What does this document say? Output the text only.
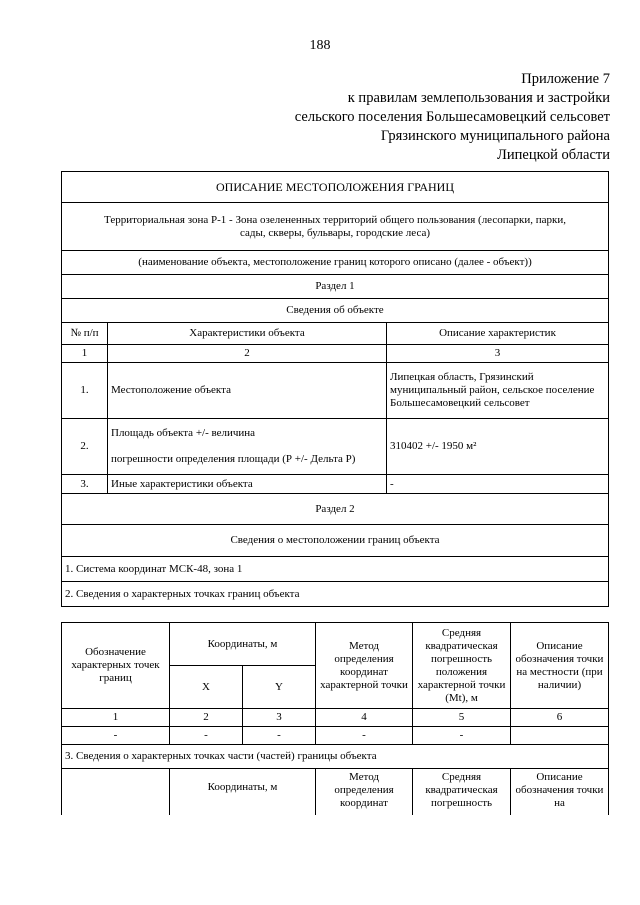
188
Приложение 7
к правилам землепользования и застройки
сельского поселения Большесамовецкий сельсовет
Грязинского муниципального района
Липецкой области
ОПИСАНИЕ МЕСТОПОЛОЖЕНИЯ ГРАНИЦ		
Территориальная зона Р-1 - Зона озелененных территорий общего пользования (лесопарки, парки,
сады, скверы, бульвары, городские леса)		
(наименование объекта, местоположение границ которого описано (далее - объект))		
Раздел 1		
Сведения об объекте		
№ п/п	Характеристики объекта	Описание характеристик
1	2	3
1.	Местоположение объекта	Липецкая область, Грязинский муниципальный район, сельское поселение Большесамовецкий сельсовет
2.	Площадь объекта +/- величина

погрешности определения площади (Р +/- Дельта Р)	310402 +/- 1950 м²
3.	Иные характеристики объекта	-
Раздел 2		
Сведения о местоположении границ объекта		
1. Система координат МСК-48, зона 1		
2. Сведения о характерных точках границ объекта		
Обозначение характерных точек границ	Координаты, м		Метод определения координат характерной точки	Средняя квадратическая погрешность положения характерной точки (Mt), м	Описание обозначения точки на местности (при наличии)
	X	Y			
1	2	3	4	5	6
-	-	-	-	-	
3. Сведения о характерных точках части (частей) границы объекта					
	Координаты, м		Метод определения координат	Средняя квадратическая погрешность	Описание обозначения точки на
